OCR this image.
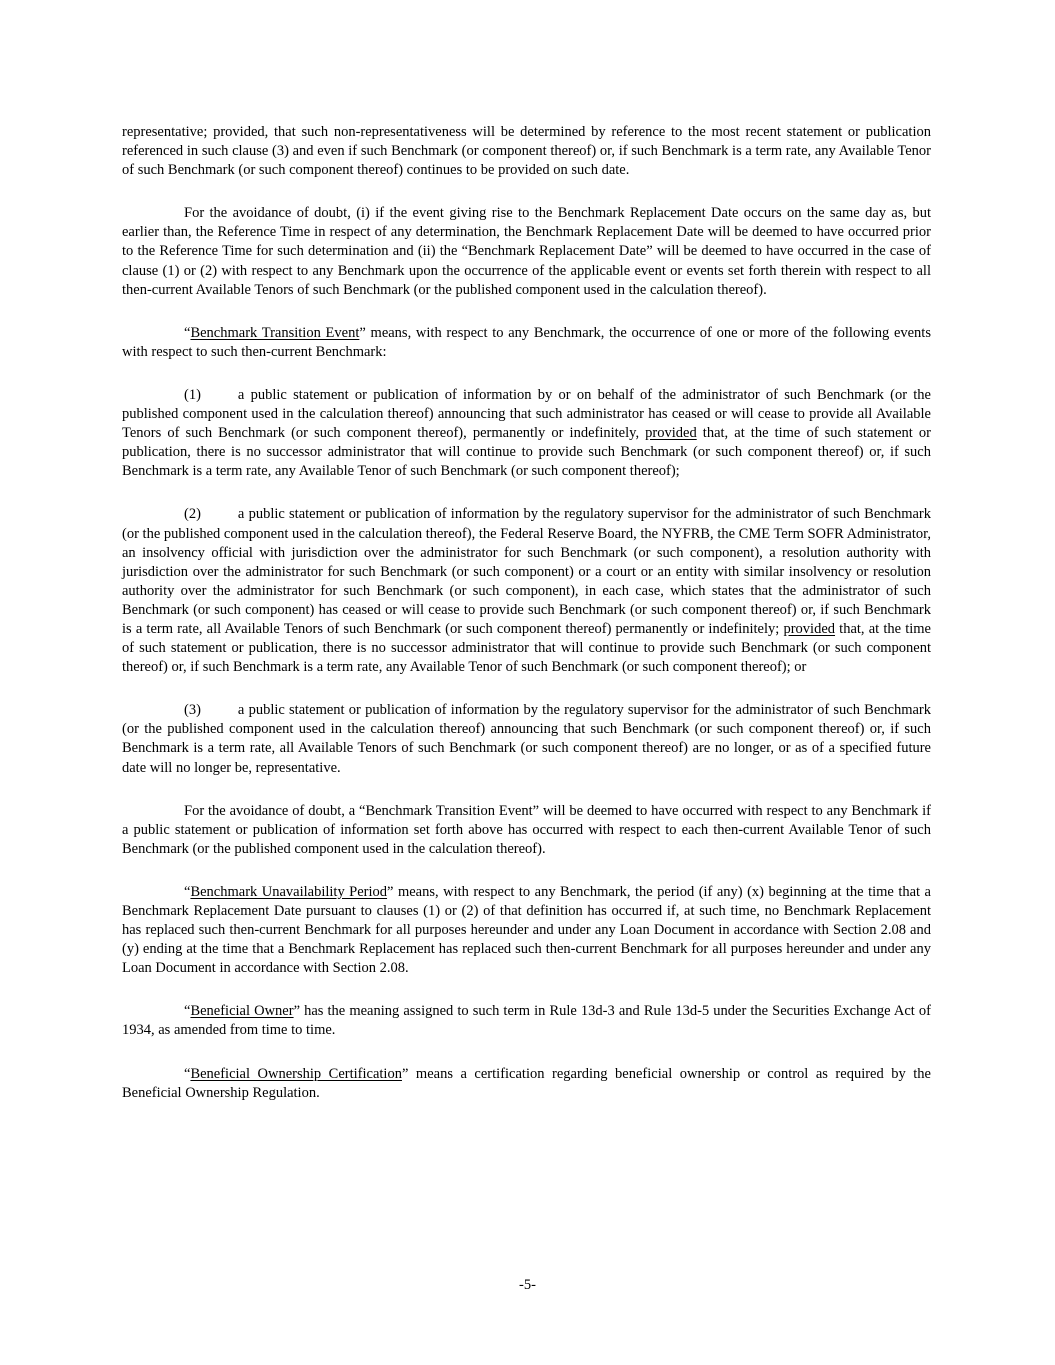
representative; provided, that such non-representativeness will be determined by reference to the most recent statement or publication referenced in such clause (3) and even if such Benchmark (or component thereof) or, if such Benchmark is a term rate, any Available Tenor of such Benchmark (or such component thereof) continues to be provided on such date.

For the avoidance of doubt, (i) if the event giving rise to the Benchmark Replacement Date occurs on the same day as, but earlier than, the Reference Time in respect of any determination, the Benchmark Replacement Date will be deemed to have occurred prior to the Reference Time for such determination and (ii) the “Benchmark Replacement Date” will be deemed to have occurred in the case of clause (1) or (2) with respect to any Benchmark upon the occurrence of the applicable event or events set forth therein with respect to all then-current Available Tenors of such Benchmark (or the published component used in the calculation thereof).

“Benchmark Transition Event” means, with respect to any Benchmark, the occurrence of one or more of the following events with respect to such then-current Benchmark:

(1)	a public statement or publication of information by or on behalf of the administrator of such Benchmark (or the published component used in the calculation thereof) announcing that such administrator has ceased or will cease to provide all Available Tenors of such Benchmark (or such component thereof), permanently or indefinitely, provided that, at the time of such statement or publication, there is no successor administrator that will continue to provide such Benchmark (or such component thereof) or, if such Benchmark is a term rate, any Available Tenor of such Benchmark (or such component thereof);

(2)	a public statement or publication of information by the regulatory supervisor for the administrator of such Benchmark (or the published component used in the calculation thereof), the Federal Reserve Board, the NYFRB, the CME Term SOFR Administrator, an insolvency official with jurisdiction over the administrator for such Benchmark (or such component), a resolution authority with jurisdiction over the administrator for such Benchmark (or such component) or a court or an entity with similar insolvency or resolution authority over the administrator for such Benchmark (or such component), in each case, which states that the administrator of such Benchmark (or such component) has ceased or will cease to provide such Benchmark (or such component thereof) or, if such Benchmark is a term rate, all Available Tenors of such Benchmark (or such component thereof) permanently or indefinitely; provided that, at the time of such statement or publication, there is no successor administrator that will continue to provide such Benchmark (or such component thereof) or, if such Benchmark is a term rate, any Available Tenor of such Benchmark (or such component thereof); or

(3)	a public statement or publication of information by the regulatory supervisor for the administrator of such Benchmark (or the published component used in the calculation thereof) announcing that such Benchmark (or such component thereof) or, if such Benchmark is a term rate, all Available Tenors of such Benchmark (or such component thereof) are no longer, or as of a specified future date will no longer be, representative.

For the avoidance of doubt, a “Benchmark Transition Event” will be deemed to have occurred with respect to any Benchmark if a public statement or publication of information set forth above has occurred with respect to each then-current Available Tenor of such Benchmark (or the published component used in the calculation thereof).

“Benchmark Unavailability Period” means, with respect to any Benchmark, the period (if any) (x) beginning at the time that a Benchmark Replacement Date pursuant to clauses (1) or (2) of that definition has occurred if, at such time, no Benchmark Replacement has replaced such then-current Benchmark for all purposes hereunder and under any Loan Document in accordance with Section 2.08 and (y) ending at the time that a Benchmark Replacement has replaced such then-current Benchmark for all purposes hereunder and under any Loan Document in accordance with Section 2.08.

“Beneficial Owner” has the meaning assigned to such term in Rule 13d-3 and Rule 13d-5 under the Securities Exchange Act of 1934, as amended from time to time.

“Beneficial Ownership Certification” means a certification regarding beneficial ownership or control as required by the Beneficial Ownership Regulation.

-5-
